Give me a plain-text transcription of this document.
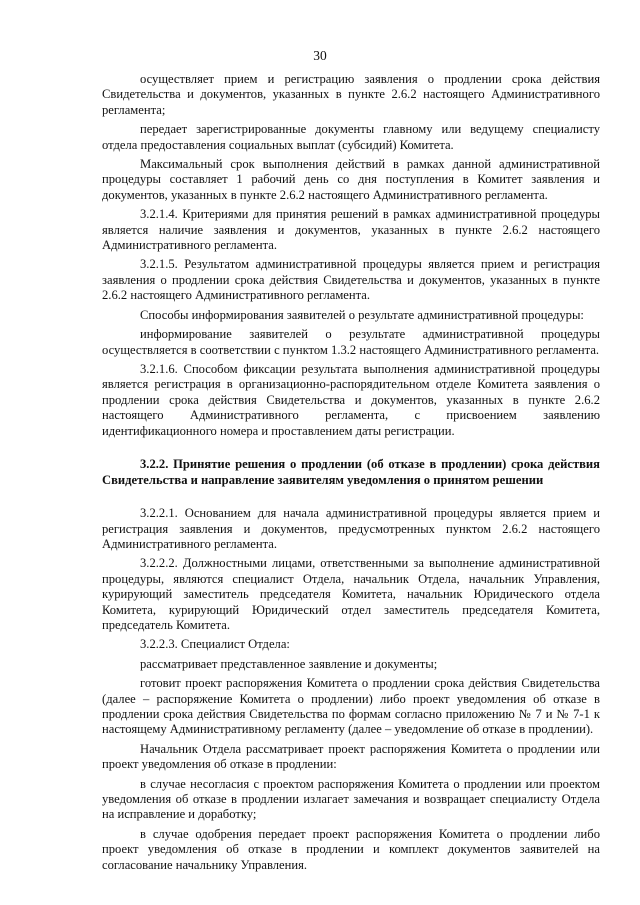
30
осуществляет прием и регистрацию заявления о продлении срока действия Свидетельства и документов, указанных в пункте 2.6.2 настоящего Административного регламента;
передает зарегистрированные документы главному или ведущему специалисту отдела предоставления социальных выплат (субсидий) Комитета.
Максимальный срок выполнения действий в рамках данной административной процедуры составляет 1 рабочий день со дня поступления в Комитет заявления и документов, указанных в пункте 2.6.2 настоящего Административного регламента.
3.2.1.4. Критериями для принятия решений в рамках административной процедуры является наличие заявления и документов, указанных в пункте 2.6.2 настоящего Административного регламента.
3.2.1.5. Результатом административной процедуры является прием и регистрация заявления о продлении срока действия Свидетельства и документов, указанных в пункте 2.6.2 настоящего Административного регламента.
Способы информирования заявителей о результате административной процедуры:
информирование заявителей о результате административной процедуры осуществляется в соответствии с пунктом 1.3.2 настоящего Административного регламента.
3.2.1.6. Способом фиксации результата выполнения административной процедуры является регистрация в организационно-распорядительном отделе Комитета заявления о продлении срока действия Свидетельства и документов, указанных в пункте 2.6.2 настоящего Административного регламента, с присвоением заявлению идентификационного номера и проставлением даты регистрации.
3.2.2. Принятие решения о продлении (об отказе в продлении) срока действия Свидетельства и направление заявителям уведомления о принятом решении
3.2.2.1. Основанием для начала административной процедуры является прием и регистрация заявления и документов, предусмотренных пунктом 2.6.2 настоящего Административного регламента.
3.2.2.2. Должностными лицами, ответственными за выполнение административной процедуры, являются специалист Отдела, начальник Отдела, начальник Управления, курирующий заместитель председателя Комитета, начальник Юридического отдела Комитета, курирующий Юридический отдел заместитель председателя Комитета, председатель Комитета.
3.2.2.3. Специалист Отдела:
рассматривает представленное заявление и документы;
готовит проект распоряжения Комитета о продлении срока действия Свидетельства (далее – распоряжение Комитета о продлении) либо проект уведомления об отказе в продлении срока действия Свидетельства по формам согласно приложению № 7 и № 7-1 к настоящему Административному регламенту (далее – уведомление об отказе в продлении).
Начальник Отдела рассматривает проект распоряжения Комитета о продлении или проект уведомления об отказе в продлении:
в случае несогласия с проектом распоряжения Комитета о продлении или проектом уведомления об отказе в продлении излагает замечания и возвращает специалисту Отдела на исправление и доработку;
в случае одобрения передает проект распоряжения Комитета о продлении либо проект уведомления об отказе в продлении и комплект документов заявителей на согласование начальнику Управления.
